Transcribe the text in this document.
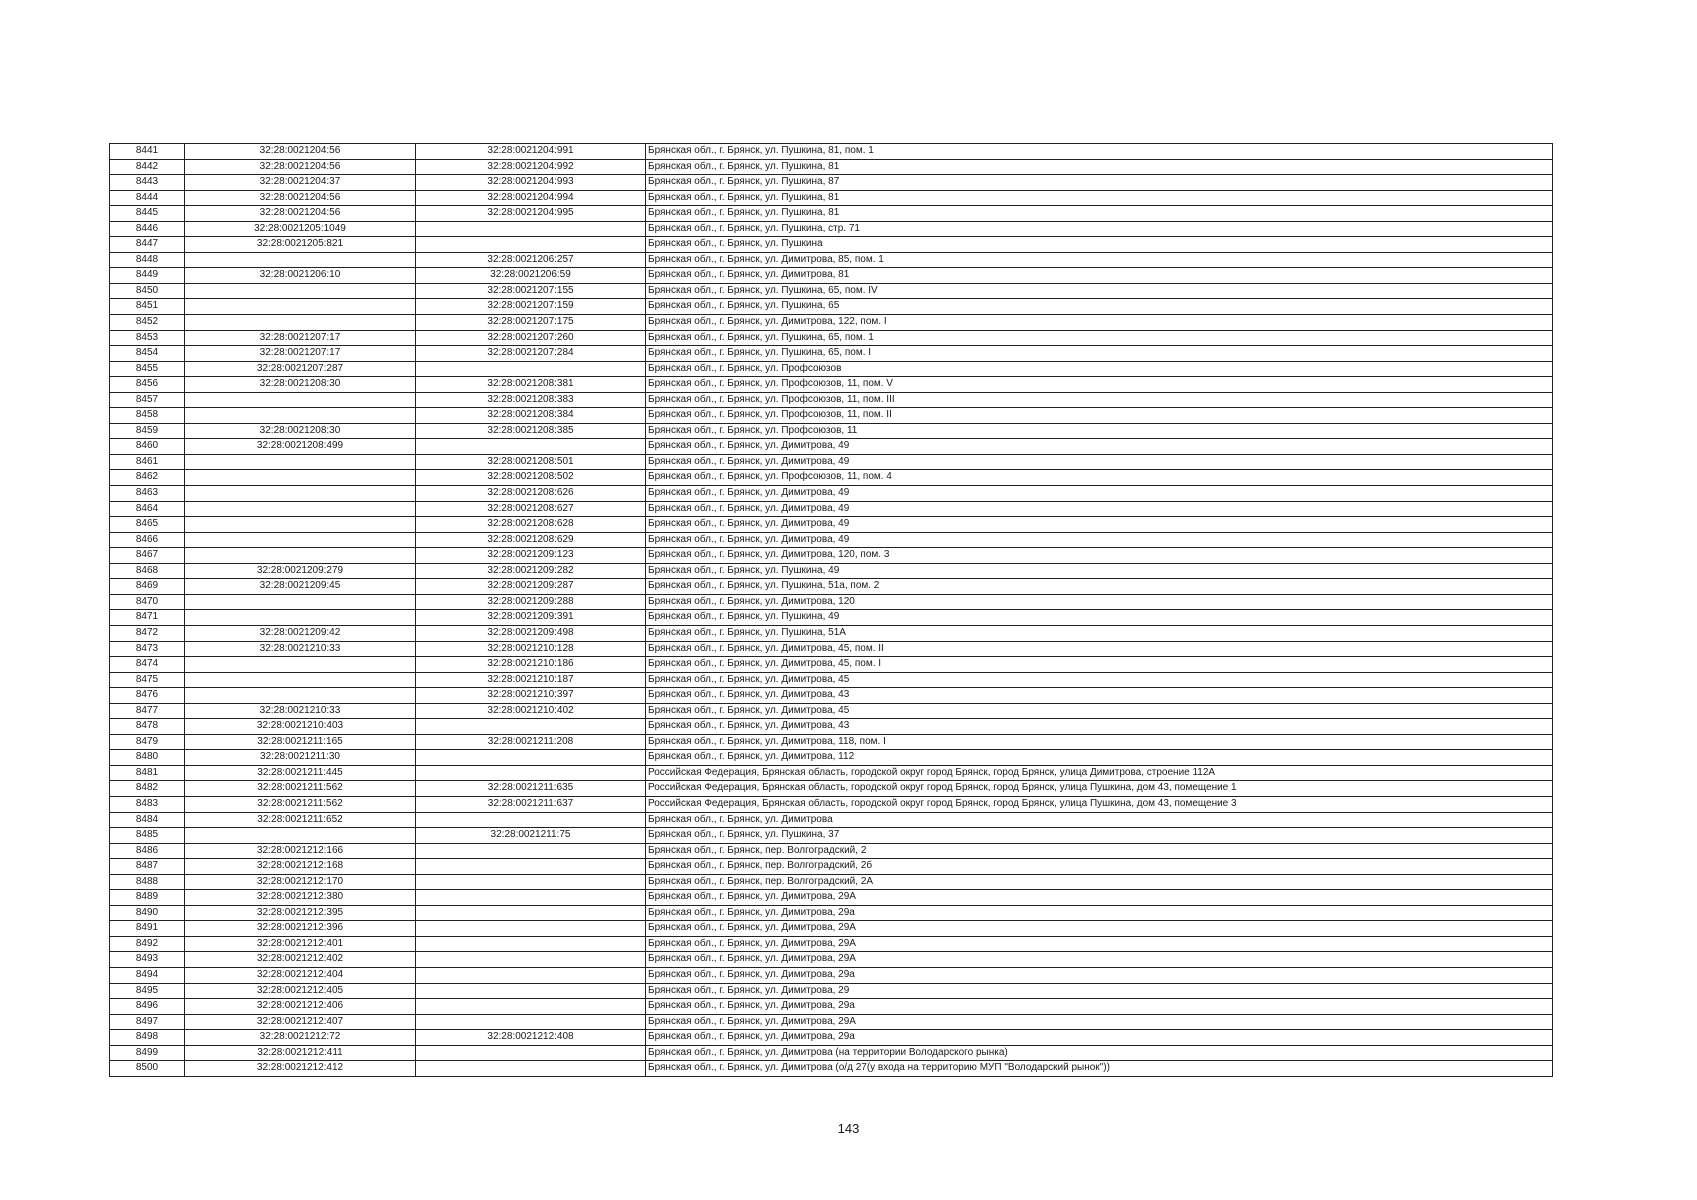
8441	32:28:0021204:56	32:28:0021204:991	Брянская обл., г. Брянск, ул. Пушкина, 81, пом. 1
8442	32:28:0021204:56	32:28:0021204:992	Брянская обл., г. Брянск, ул. Пушкина, 81
8443	32:28:0021204:37	32:28:0021204:993	Брянская обл., г. Брянск, ул. Пушкина, 87
8444	32:28:0021204:56	32:28:0021204:994	Брянская обл., г. Брянск, ул. Пушкина, 81
8445	32:28:0021204:56	32:28:0021204:995	Брянская обл., г. Брянск, ул. Пушкина, 81
8446	32:28:0021205:1049		Брянская обл., г. Брянск, ул. Пушкина, стр. 71
8447	32:28:0021205:821		Брянская обл., г. Брянск, ул. Пушкина
8448		32:28:0021206:257	Брянская обл., г. Брянск, ул. Димитрова, 85, пом. 1
8449	32:28:0021206:10	32:28:0021206:59	Брянская обл., г. Брянск, ул. Димитрова, 81
8450		32:28:0021207:155	Брянская обл., г. Брянск, ул. Пушкина, 65, пом. IV
8451		32:28:0021207:159	Брянская обл., г. Брянск, ул. Пушкина, 65
8452		32:28:0021207:175	Брянская обл., г. Брянск, ул. Димитрова, 122, пом. I
8453	32:28:0021207:17	32:28:0021207:260	Брянская обл., г. Брянск, ул. Пушкина, 65, пом. 1
8454	32:28:0021207:17	32:28:0021207:284	Брянская обл., г. Брянск, ул. Пушкина, 65, пом. I
8455	32:28:0021207:287		Брянская обл., г. Брянск, ул. Профсоюзов
8456	32:28:0021208:30	32:28:0021208:381	Брянская обл., г. Брянск, ул. Профсоюзов, 11, пом. V
8457		32:28:0021208:383	Брянская обл., г. Брянск, ул. Профсоюзов, 11, пом. III
8458		32:28:0021208:384	Брянская обл., г. Брянск, ул. Профсоюзов, 11, пом. II
8459	32:28:0021208:30	32:28:0021208:385	Брянская обл., г. Брянск, ул. Профсоюзов, 11
8460	32:28:0021208:499		Брянская обл., г. Брянск, ул. Димитрова, 49
8461		32:28:0021208:501	Брянская обл., г. Брянск, ул. Димитрова, 49
8462		32:28:0021208:502	Брянская обл., г. Брянск, ул. Профсоюзов, 11, пом. 4
8463		32:28:0021208:626	Брянская обл., г. Брянск, ул. Димитрова, 49
8464		32:28:0021208:627	Брянская обл., г. Брянск, ул. Димитрова, 49
8465		32:28:0021208:628	Брянская обл., г. Брянск, ул. Димитрова, 49
8466		32:28:0021208:629	Брянская обл., г. Брянск, ул. Димитрова, 49
8467		32:28:0021209:123	Брянская обл., г. Брянск, ул. Димитрова, 120, пом. 3
8468	32:28:0021209:279	32:28:0021209:282	Брянская обл., г. Брянск, ул. Пушкина, 49
8469	32:28:0021209:45	32:28:0021209:287	Брянская обл., г. Брянск, ул. Пушкина, 51а, пом. 2
8470		32:28:0021209:288	Брянская обл., г. Брянск, ул. Димитрова, 120
8471		32:28:0021209:391	Брянская обл., г. Брянск, ул. Пушкина, 49
8472	32:28:0021209:42	32:28:0021209:498	Брянская обл., г. Брянск, ул. Пушкина, 51А
8473	32:28:0021210:33	32:28:0021210:128	Брянская обл., г. Брянск, ул. Димитрова, 45, пом. II
8474		32:28:0021210:186	Брянская обл., г. Брянск, ул. Димитрова, 45, пом. I
8475		32:28:0021210:187	Брянская обл., г. Брянск, ул. Димитрова, 45
8476		32:28:0021210:397	Брянская обл., г. Брянск, ул. Димитрова, 43
8477	32:28:0021210:33	32:28:0021210:402	Брянская обл., г. Брянск, ул. Димитрова, 45
8478	32:28:0021210:403		Брянская обл., г. Брянск, ул. Димитрова, 43
8479	32:28:0021211:165	32:28:0021211:208	Брянская обл., г. Брянск, ул. Димитрова, 118, пом. I
8480	32:28:0021211:30		Брянская обл., г. Брянск, ул. Димитрова, 112
8481	32:28:0021211:445		Российская Федерация, Брянская область, городской округ город Брянск, город Брянск, улица Димитрова, строение 112А
8482	32:28:0021211:562	32:28:0021211:635	Российская Федерация, Брянская область, городской округ город Брянск, город Брянск, улица Пушкина, дом 43, помещение 1
8483	32:28:0021211:562	32:28:0021211:637	Российская Федерация, Брянская область, городской округ город Брянск, город Брянск, улица Пушкина, дом 43, помещение 3
8484	32:28:0021211:652		Брянская обл., г. Брянск, ул. Димитрова
8485		32:28:0021211:75	Брянская обл., г. Брянск, ул. Пушкина, 37
8486	32:28:0021212:166		Брянская обл., г. Брянск, пер. Волгоградский, 2
8487	32:28:0021212:168		Брянская обл., г. Брянск, пер. Волгоградский, 2б
8488	32:28:0021212:170		Брянская обл., г. Брянск, пер. Волгоградский, 2А
8489	32:28:0021212:380		Брянская обл., г. Брянск, ул. Димитрова, 29А
8490	32:28:0021212:395		Брянская обл., г. Брянск, ул. Димитрова, 29а
8491	32:28:0021212:396		Брянская обл., г. Брянск, ул. Димитрова, 29А
8492	32:28:0021212:401		Брянская обл., г. Брянск, ул. Димитрова, 29А
8493	32:28:0021212:402		Брянская обл., г. Брянск, ул. Димитрова, 29А
8494	32:28:0021212:404		Брянская обл., г. Брянск, ул. Димитрова, 29а
8495	32:28:0021212:405		Брянская обл., г. Брянск, ул. Димитрова, 29
8496	32:28:0021212:406		Брянская обл., г. Брянск, ул. Димитрова, 29а
8497	32:28:0021212:407		Брянская обл., г. Брянск, ул. Димитрова, 29А
8498	32:28:0021212:72	32:28:0021212:408	Брянская обл., г. Брянск, ул. Димитрова, 29а
8499	32:28:0021212:411		Брянская обл., г. Брянск, ул. Димитрова (на территории Володарского рынка)
8500	32:28:0021212:412		Брянская обл., г. Брянск, ул. Димитрова (о/д 27(у входа на территорию МУП "Володарский рынок"))
143
